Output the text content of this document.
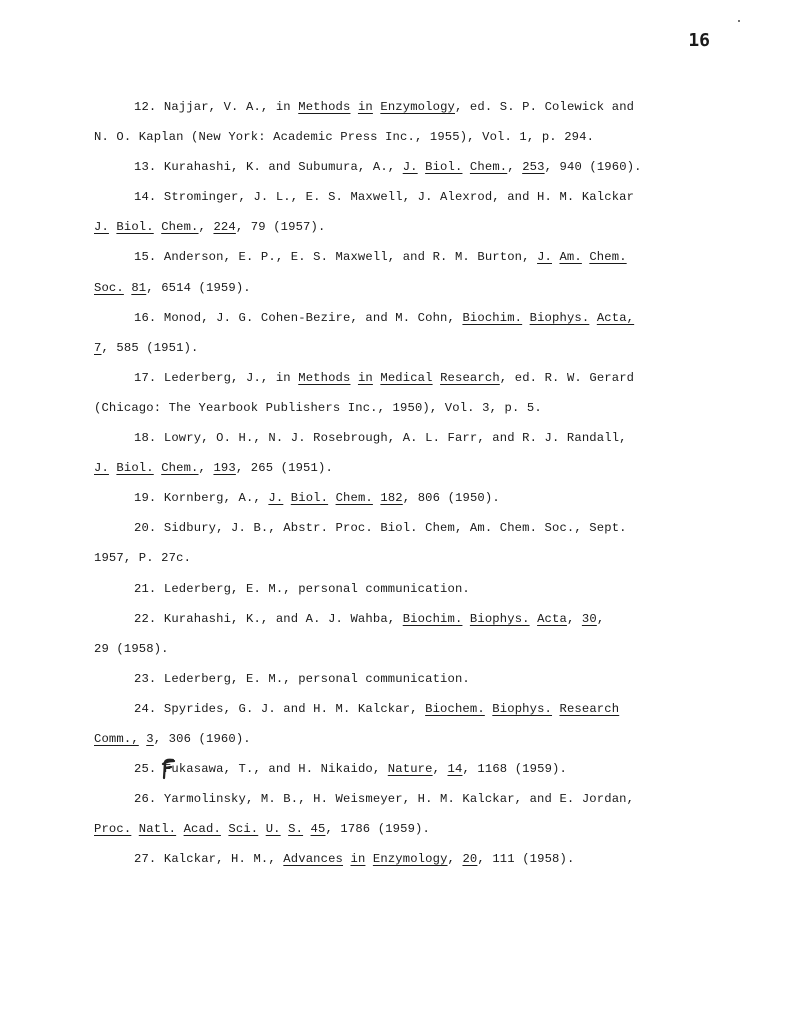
16
12. Najjar, V. A., in Methods in Enzymology, ed. S. P. Colewick and
N. O. Kaplan (New York: Academic Press Inc., 1955), Vol. 1, p. 294.
13. Kurahashi, K. and Subumura, A., J. Biol. Chem., 253, 940 (1960).
14. Strominger, J. L., E. S. Maxwell, J. Alexrod, and H. M. Kalckar
J. Biol. Chem., 224, 79 (1957).
15. Anderson, E. P., E. S. Maxwell, and R. M. Burton, J. Am. Chem.
Soc. 81, 6514 (1959).
16. Monod, J. G. Cohen-Bezire, and M. Cohn, Biochim. Biophys. Acta,
7, 585 (1951).
17. Lederberg, J., in Methods in Medical Research, ed. R. W. Gerard
(Chicago: The Yearbook Publishers Inc., 1950), Vol. 3, p. 5.
18. Lowry, O. H., N. J. Rosebrough, A. L. Farr, and R. J. Randall,
J. Biol. Chem., 193, 265 (1951).
19. Kornberg, A., J. Biol. Chem. 182, 806 (1950).
20. Sidbury, J. B., Abstr. Proc. Biol. Chem, Am. Chem. Soc., Sept.
1957, P. 27c.
21. Lederberg, E. M., personal communication.
22. Kurahashi, K., and A. J. Wahba, Biochim. Biophys. Acta, 30,
29 (1958).
23. Lederberg, E. M., personal communication.
24. Spyrides, G. J. and H. M. Kalckar, Biochem. Biophys. Research
Comm., 3, 306 (1960).
25. Fu
kasawa, T., and H. Nikaido, Nature, 14, 1168 (1959).
26. Yarmolinsky, M. B., H. Weismeyer, H. M. Kalckar, and E. Jordan,
Proc. Natl. Acad. Sci. U. S. 45, 1786 (1959).
27. Kalckar, H. M., Advances in Enzymology, 20, 111 (1958).
